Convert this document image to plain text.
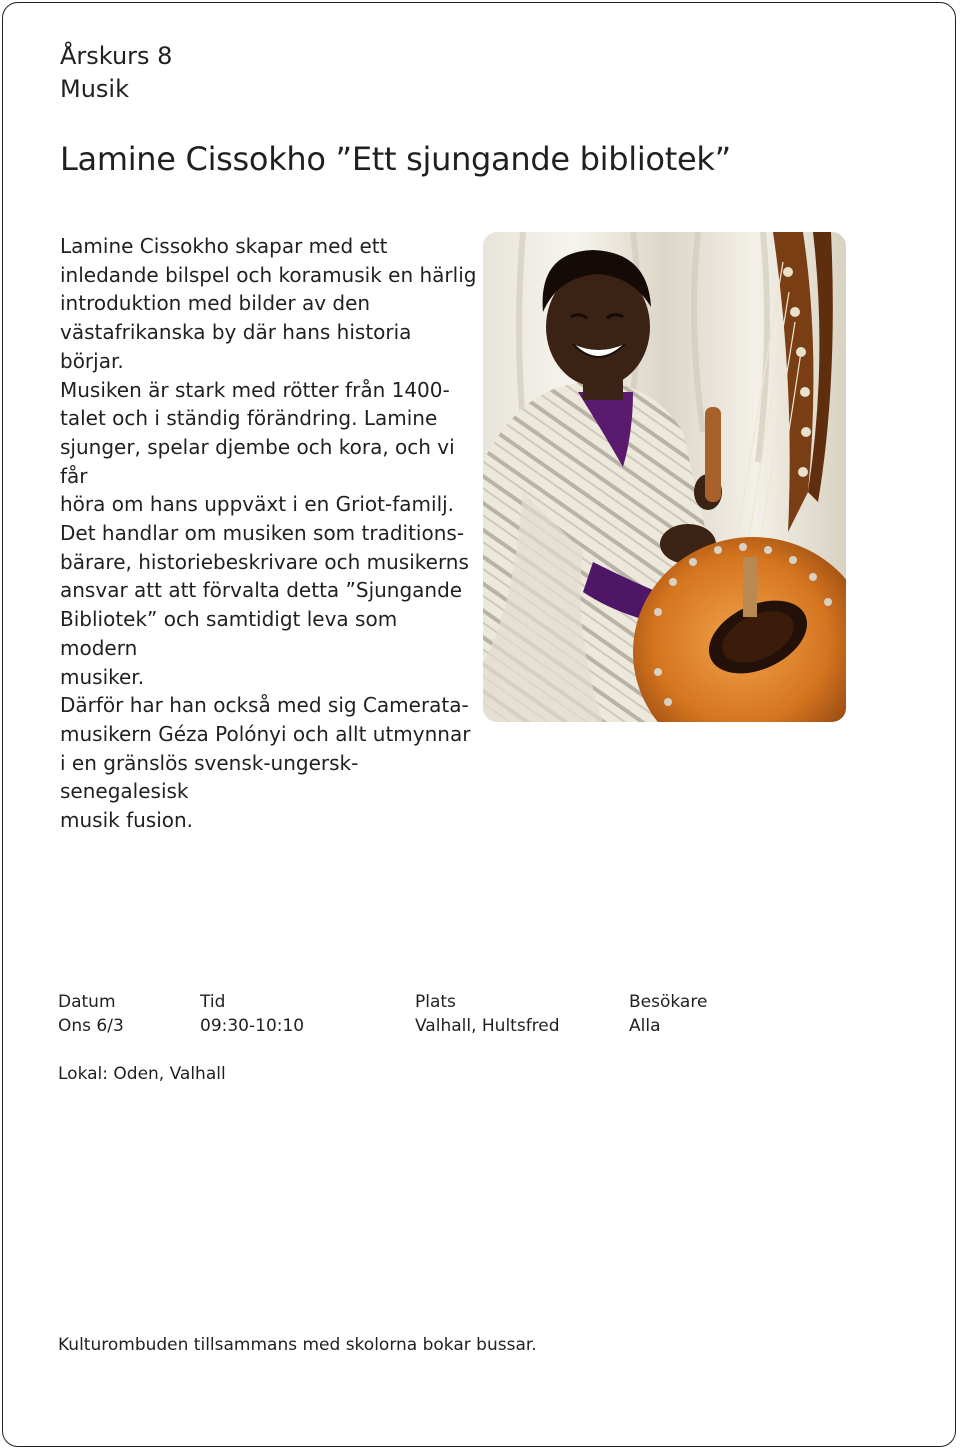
Årskurs 8
Musik
Lamine Cissokho ”Ett sjungande bibliotek”

Lamine Cissokho skapar med ett
inledande bilspel och koramusik en härlig
introduktion med bilder av den
västafrikanska by där hans historia börjar.
Musiken är stark med rötter från 1400-
talet och i ständig förändring. Lamine
sjunger, spelar djembe och kora, och vi får
höra om hans uppväxt i en Griot-familj.
Det handlar om musiken som traditions-
bärare, historiebeskrivare och musikerns
ansvar att att förvalta detta ”Sjungande
Bibliotek” och samtidigt leva som modern
musiker.

Därför har han också med sig Camerata-
musikern Géza Polónyi och allt utmynnar
i en gränslös svensk-ungersk-senegalesisk
musik fusion.

Datum
Ons 6/3
Tid
09:30-10:10
Plats
Valhall, Hultsfred
Besökare
Alla
Lokal: Oden, Valhall
Kulturombuden tillsammans med skolorna bokar bussar.
